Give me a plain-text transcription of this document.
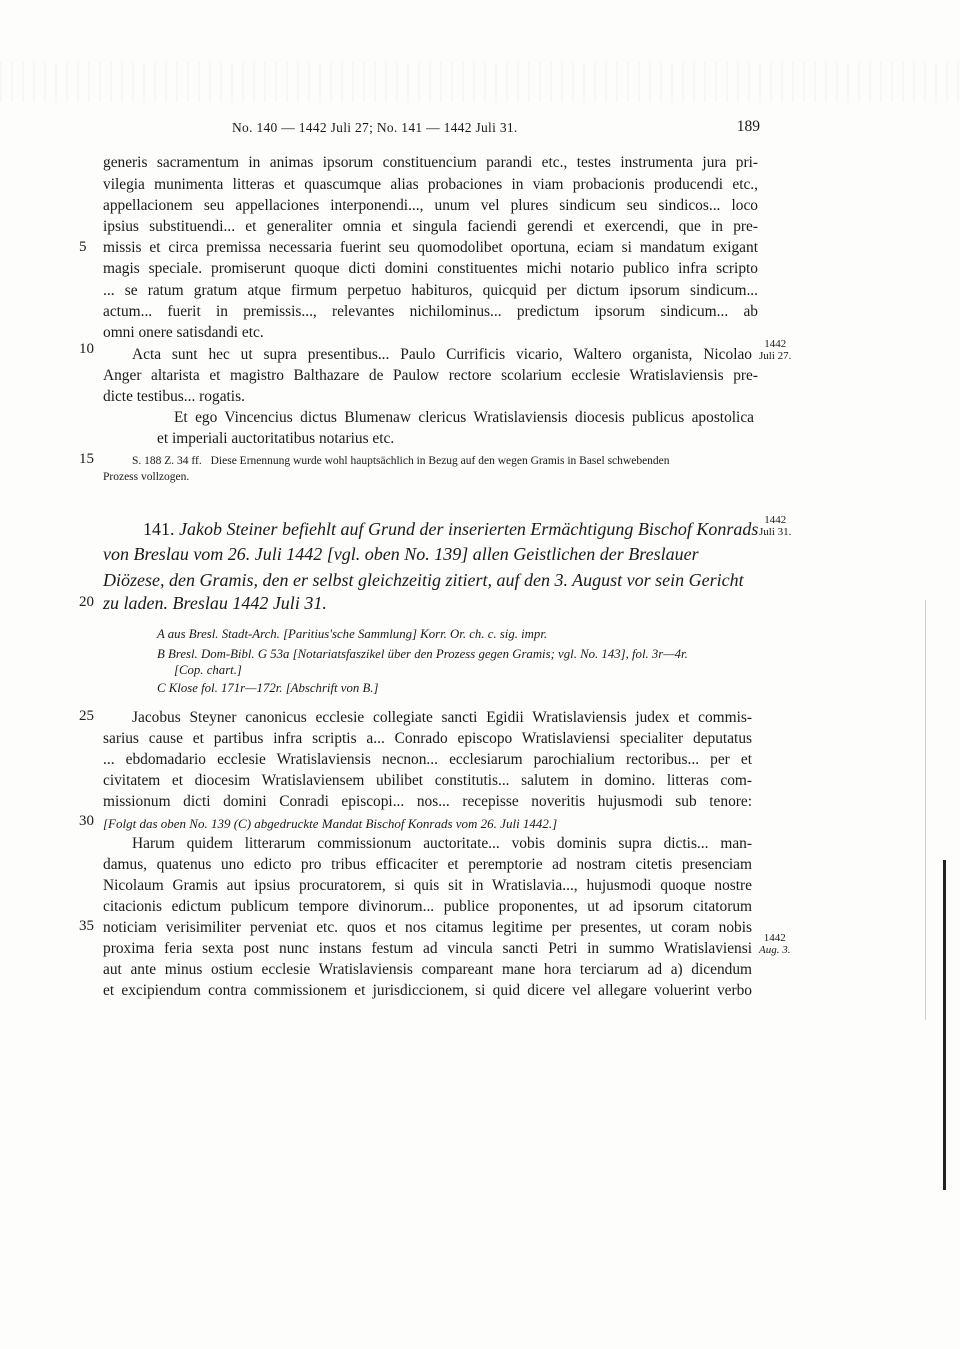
No. 140 — 1442 Juli 27; No. 141 — 1442 Juli 31.	189
generis sacramentum in animas ipsorum constituencium parandi etc., testes instrumenta jura pri-
vilegia munimenta litteras et quascumque alias probaciones in viam probacionis producendi etc.,
appellacionem seu appellaciones interponendi..., unum vel plures sindicum seu sindicos... loco
ipsius substituendi... et generaliter omnia et singula faciendi gerendi et exercendi, que in pre-
5	missis et circa premissa necessaria fuerint seu quomodolibet oportuna, eciam si mandatum exigant
magis speciale. promiserunt quoque dicti domini constituentes michi notario publico infra scripto
... se ratum gratum atque firmum perpetuo habituros, quicquid per dictum ipsorum sindicum...
actum... fuerit in premissis..., relevantes nichilominus... predictum ipsorum sindicum... ab
omni onere satisdandi etc.
10	Acta sunt hec ut supra presentibus... Paulo Currificis vicario, Waltero organista, Nicolao
1442
Juli 27.
Anger altarista et magistro Balthazare de Paulow rectore scolarium ecclesie Wratislaviensis pre-
dicte testibus... rogatis.
Et ego Vincencius dictus Blumenaw clericus Wratislaviensis diocesis publicus apostolica
et imperiali auctoritatibus notarius etc.
15	S. 188 Z. 34 ff. Diese Ernennung wurde wohl hauptsächlich in Bezug auf den wegen Gramis in Basel schwebenden
Prozess vollzogen.
141. Jakob Steiner befiehlt auf Grund der inserierten Ermächtigung Bischof Konrads 1442
Juli 31.
von Breslau vom 26. Juli 1442 [vgl. oben No. 139] allen Geistlichen der Breslauer
Diözese, den Gramis, den er selbst gleichzeitig zitiert, auf den 3. August vor sein Gericht
20 zu laden. Breslau 1442 Juli 31.
A aus Bresl. Stadt-Arch. [Paritius'sche Sammlung] Korr. Or. ch. c. sig. impr.
B Bresl. Dom-Bibl. G 53a [Notariatsfaszikel über den Prozess gegen Gramis; vgl. No. 143], fol. 3r—4r.
[Cop. chart.]
C Klose fol. 171r—172r. [Abschrift von B.]
25	Jacobus Steyner canonicus ecclesie collegiate sancti Egidii Wratislaviensis judex et commis-
sarius cause et partibus infra scriptis a... Conrado episcopo Wratislaviensi specialiter deputatus
... ebdomadario ecclesie Wratislaviensis necnon... ecclesiarum parochialium rectoribus... per et
civitatem et diocesim Wratislaviensem ubilibet constitutis... salutem in domino. litteras com-
missionum dicti domini Conradi episcopi... nos... recepisse noveritis hujusmodi sub tenore:
30 [Folgt das oben No. 139 (C) abgedruckte Mandat Bischof Konrads vom 26. Juli 1442.]
Harum quidem litterarum commissionum auctoritate... vobis dominis supra dictis... man-
damus, quatenus uno edicto pro tribus efficaciter et peremptorie ad nostram citetis presenciam
Nicolaum Gramis aut ipsius procuratorem, si quis sit in Wratislavia..., hujusmodi quoque nostre
citacionis edictum publicum tempore divinorum... publice proponentes, ut ad ipsorum citatorum
35 noticiam verisimiliter perveniat etc. quos et nos citamus legitime per presentes, ut coram nobis
proxima feria sexta post nunc instans festum ad vincula sancti Petri in summo Wratislaviensi
1442
Aug. 3.
aut ante minus ostium ecclesie Wratislaviensis compareant mane hora terciarum ad a) dicendum
et excipiendum contra commissionem et jurisdiccionem, si quid dicere vel allegare voluerint verbo
